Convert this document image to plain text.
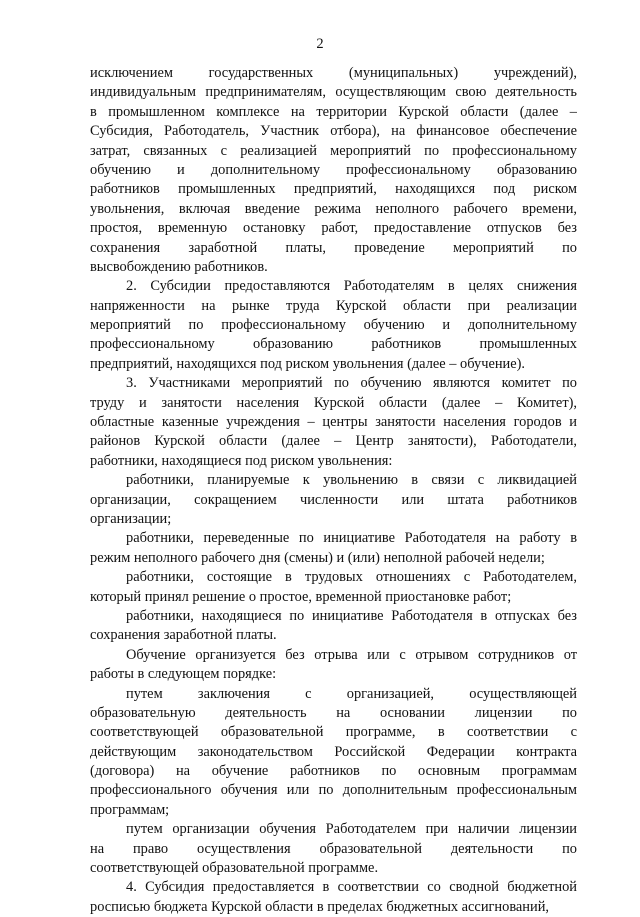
2
исключением государственных (муниципальных) учреждений),
индивидуальным предпринимателям, осуществляющим свою деятельность
в промышленном комплексе на территории Курской области (далее –
Субсидия, Работодатель, Участник отбора), на финансовое обеспечение
затрат, связанных с реализацией мероприятий по профессиональному
обучению и дополнительному профессиональному образованию
работников промышленных предприятий, находящихся под риском
увольнения, включая введение режима неполного рабочего времени,
простоя, временную остановку работ, предоставление отпусков без
сохранения заработной платы, проведение мероприятий по
высвобождению работников.
2. Субсидии предоставляются Работодателям в целях снижения
напряженности на рынке труда Курской области при реализации
мероприятий по профессиональному обучению и дополнительному
профессиональному образованию работников промышленных
предприятий, находящихся под риском увольнения (далее – обучение).
3. Участниками мероприятий по обучению являются комитет по
труду и занятости населения Курской области (далее – Комитет),
областные казенные учреждения – центры занятости населения городов и
районов Курской области (далее – Центр занятости), Работодатели,
работники, находящиеся под риском увольнения:
работники, планируемые к увольнению в связи с ликвидацией
организации, сокращением численности или штата работников
организации;
работники, переведенные по инициативе Работодателя на работу в
режим неполного рабочего дня (смены) и (или) неполной рабочей недели;
работники, состоящие в трудовых отношениях с Работодателем,
который принял решение о простое, временной приостановке работ;
работники, находящиеся по инициативе Работодателя в отпусках без
сохранения заработной платы.
Обучение организуется без отрыва или с отрывом сотрудников от
работы в следующем порядке:
путем заключения с организацией, осуществляющей
образовательную деятельность на основании лицензии по
соответствующей образовательной программе, в соответствии с
действующим законодательством Российской Федерации контракта
(договора) на обучение работников по основным программам
профессионального обучения или по дополнительным профессиональным
программам;
путем организации обучения Работодателем при наличии лицензии
на право осуществления образовательной деятельности по
соответствующей образовательной программе.
4. Субсидия предоставляется в соответствии со сводной бюджетной
росписью бюджета Курской области в пределах бюджетных ассигнований,
